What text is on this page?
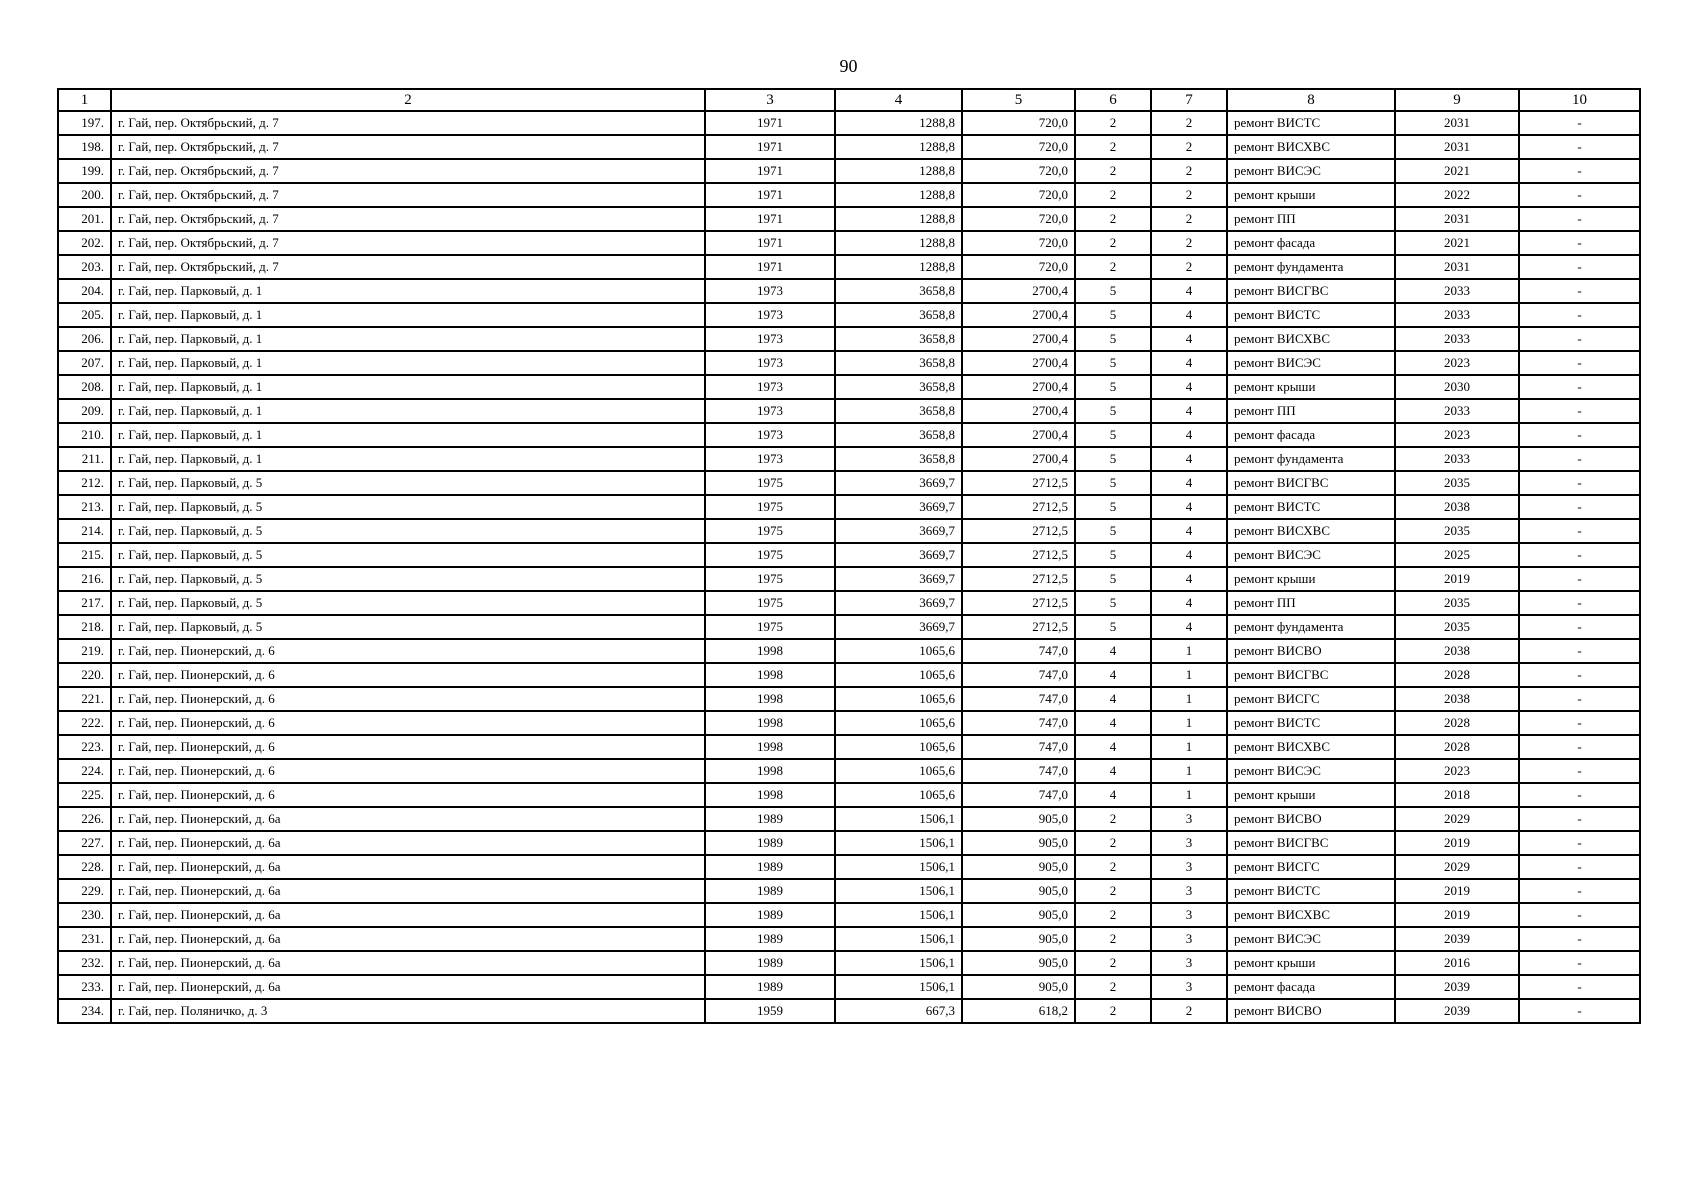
90
1	2	3	4	5	6	7	8	9	10
197.	г. Гай, пер. Октябрьский, д. 7	1971	1288,8	720,0	2	2	ремонт ВИСТС	2031	-
198.	г. Гай, пер. Октябрьский, д. 7	1971	1288,8	720,0	2	2	ремонт ВИСХВС	2031	-
199.	г. Гай, пер. Октябрьский, д. 7	1971	1288,8	720,0	2	2	ремонт ВИСЭС	2021	-
200.	г. Гай, пер. Октябрьский, д. 7	1971	1288,8	720,0	2	2	ремонт крыши	2022	-
201.	г. Гай, пер. Октябрьский, д. 7	1971	1288,8	720,0	2	2	ремонт ПП	2031	-
202.	г. Гай, пер. Октябрьский, д. 7	1971	1288,8	720,0	2	2	ремонт фасада	2021	-
203.	г. Гай, пер. Октябрьский, д. 7	1971	1288,8	720,0	2	2	ремонт фундамента	2031	-
204.	г. Гай, пер. Парковый, д. 1	1973	3658,8	2700,4	5	4	ремонт ВИСГВС	2033	-
205.	г. Гай, пер. Парковый, д. 1	1973	3658,8	2700,4	5	4	ремонт ВИСТС	2033	-
206.	г. Гай, пер. Парковый, д. 1	1973	3658,8	2700,4	5	4	ремонт ВИСХВС	2033	-
207.	г. Гай, пер. Парковый, д. 1	1973	3658,8	2700,4	5	4	ремонт ВИСЭС	2023	-
208.	г. Гай, пер. Парковый, д. 1	1973	3658,8	2700,4	5	4	ремонт крыши	2030	-
209.	г. Гай, пер. Парковый, д. 1	1973	3658,8	2700,4	5	4	ремонт ПП	2033	-
210.	г. Гай, пер. Парковый, д. 1	1973	3658,8	2700,4	5	4	ремонт фасада	2023	-
211.	г. Гай, пер. Парковый, д. 1	1973	3658,8	2700,4	5	4	ремонт фундамента	2033	-
212.	г. Гай, пер. Парковый, д. 5	1975	3669,7	2712,5	5	4	ремонт ВИСГВС	2035	-
213.	г. Гай, пер. Парковый, д. 5	1975	3669,7	2712,5	5	4	ремонт ВИСТС	2038	-
214.	г. Гай, пер. Парковый, д. 5	1975	3669,7	2712,5	5	4	ремонт ВИСХВС	2035	-
215.	г. Гай, пер. Парковый, д. 5	1975	3669,7	2712,5	5	4	ремонт ВИСЭС	2025	-
216.	г. Гай, пер. Парковый, д. 5	1975	3669,7	2712,5	5	4	ремонт крыши	2019	-
217.	г. Гай, пер. Парковый, д. 5	1975	3669,7	2712,5	5	4	ремонт ПП	2035	-
218.	г. Гай, пер. Парковый, д. 5	1975	3669,7	2712,5	5	4	ремонт фундамента	2035	-
219.	г. Гай, пер. Пионерский, д. 6	1998	1065,6	747,0	4	1	ремонт ВИСВО	2038	-
220.	г. Гай, пер. Пионерский, д. 6	1998	1065,6	747,0	4	1	ремонт ВИСГВС	2028	-
221.	г. Гай, пер. Пионерский, д. 6	1998	1065,6	747,0	4	1	ремонт ВИСГС	2038	-
222.	г. Гай, пер. Пионерский, д. 6	1998	1065,6	747,0	4	1	ремонт ВИСТС	2028	-
223.	г. Гай, пер. Пионерский, д. 6	1998	1065,6	747,0	4	1	ремонт ВИСХВС	2028	-
224.	г. Гай, пер. Пионерский, д. 6	1998	1065,6	747,0	4	1	ремонт ВИСЭС	2023	-
225.	г. Гай, пер. Пионерский, д. 6	1998	1065,6	747,0	4	1	ремонт крыши	2018	-
226.	г. Гай, пер. Пионерский, д. 6а	1989	1506,1	905,0	2	3	ремонт ВИСВО	2029	-
227.	г. Гай, пер. Пионерский, д. 6а	1989	1506,1	905,0	2	3	ремонт ВИСГВС	2019	-
228.	г. Гай, пер. Пионерский, д. 6а	1989	1506,1	905,0	2	3	ремонт ВИСГС	2029	-
229.	г. Гай, пер. Пионерский, д. 6а	1989	1506,1	905,0	2	3	ремонт ВИСТС	2019	-
230.	г. Гай, пер. Пионерский, д. 6а	1989	1506,1	905,0	2	3	ремонт ВИСХВС	2019	-
231.	г. Гай, пер. Пионерский, д. 6а	1989	1506,1	905,0	2	3	ремонт ВИСЭС	2039	-
232.	г. Гай, пер. Пионерский, д. 6а	1989	1506,1	905,0	2	3	ремонт крыши	2016	-
233.	г. Гай, пер. Пионерский, д. 6а	1989	1506,1	905,0	2	3	ремонт фасада	2039	-
234.	г. Гай, пер. Поляничко, д. 3	1959	667,3	618,2	2	2	ремонт ВИСВО	2039	-
